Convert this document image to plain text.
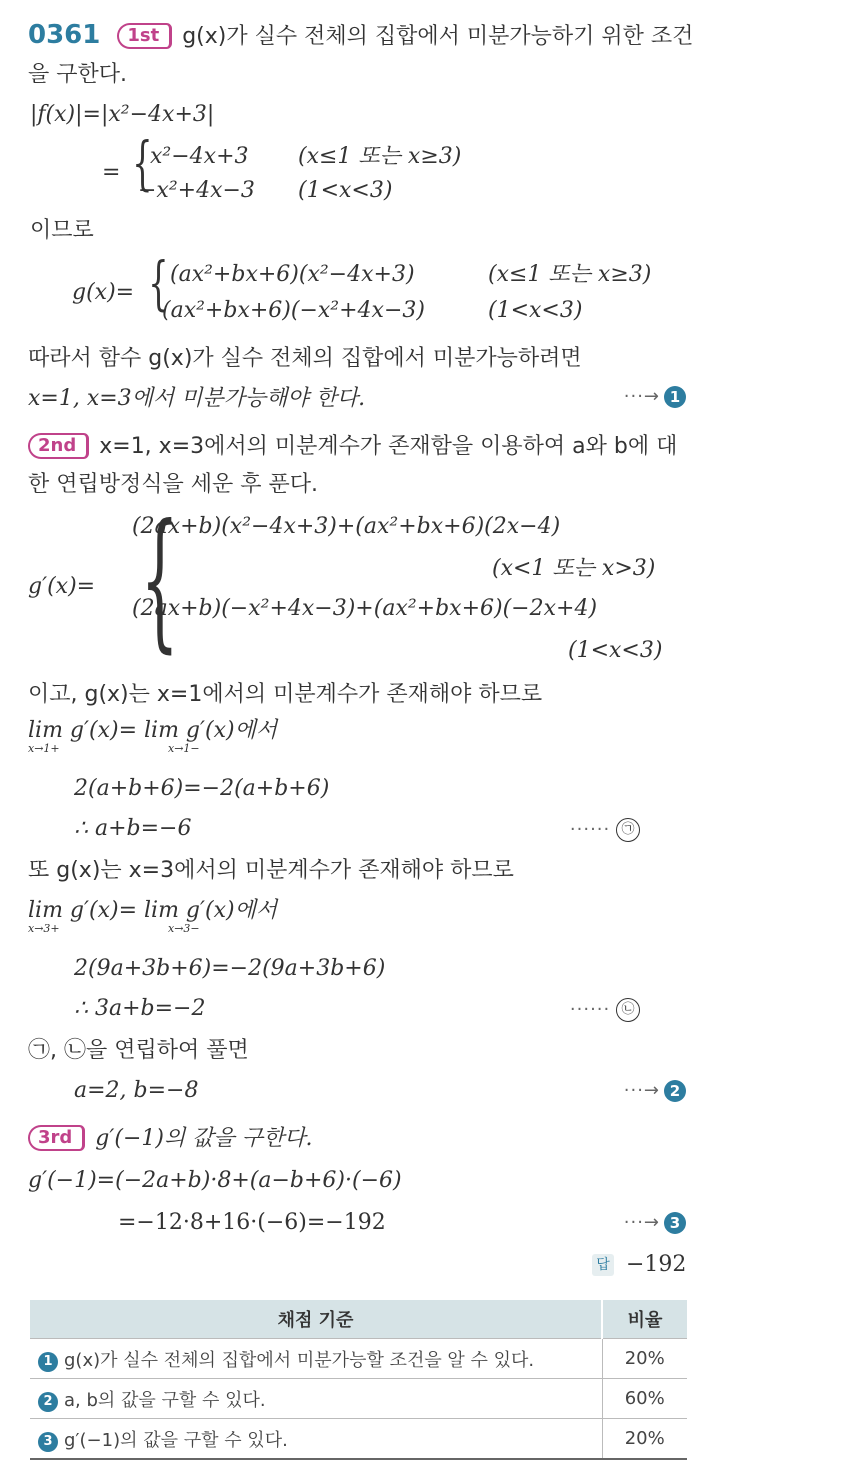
0361 1st g(x)가 실수 전체의 집합에서 미분가능하기 위한 조건
을 구한다.
|f(x)|=|x²−4x+3|
= {
x²−4x+3 (x≤1 또는 x≥3)
−x²+4x−3 (1<x<3)
이므로
g(x)= { (ax²+bx+6)(x²−4x+3)	(x≤1 또는 x≥3)
(ax²+bx+6)(−x²+4x−3)	(1<x<3)
따라서 함수 g(x)가 실수 전체의 집합에서 미분가능하려면
x=1, x=3에서 미분가능해야 한다.	···→ 1
2nd x=1, x=3에서의 미분계수가 존재함을 이용하여 a와 b에 대
한 연립방정식을 세운 후 푼다.
g′(x)= {
(2ax+b)(x²−4x+3)+(ax²+bx+6)(2x−4)
(x<1 또는 x>3)
(2ax+b)(−x²+4x−3)+(ax²+bx+6)(−2x+4)
(1<x<3)
이고, g(x)는 x=1에서의 미분계수가 존재해야 하므로
lim g′(x)= lim g′(x)에서
x→1+	x→1−
2(a+b+6)=−2(a+b+6)
∴ a+b=−6	······ ㉠
또 g(x)는 x=3에서의 미분계수가 존재해야 하므로
lim g′(x)= lim g′(x)에서
x→3+	x→3−
2(9a+3b+6)=−2(9a+3b+6)
∴ 3a+b=−2	······ ㉡
㉠, ㉡을 연립하여 풀면
a=2, b=−8	···→ 2
3rd g′(−1)의 값을 구한다.
g′(−1)=(−2a+b)·8+(a−b+6)·(−6)
=−12·8+16·(−6)=−192	···→ 3
답 −192
채점 기준	비율
1 g(x)가 실수 전체의 집합에서 미분가능할 조건을 알 수 있다.	20%
2 a, b의 값을 구할 수 있다.	60%
3 g′(−1)의 값을 구할 수 있다.	20%
